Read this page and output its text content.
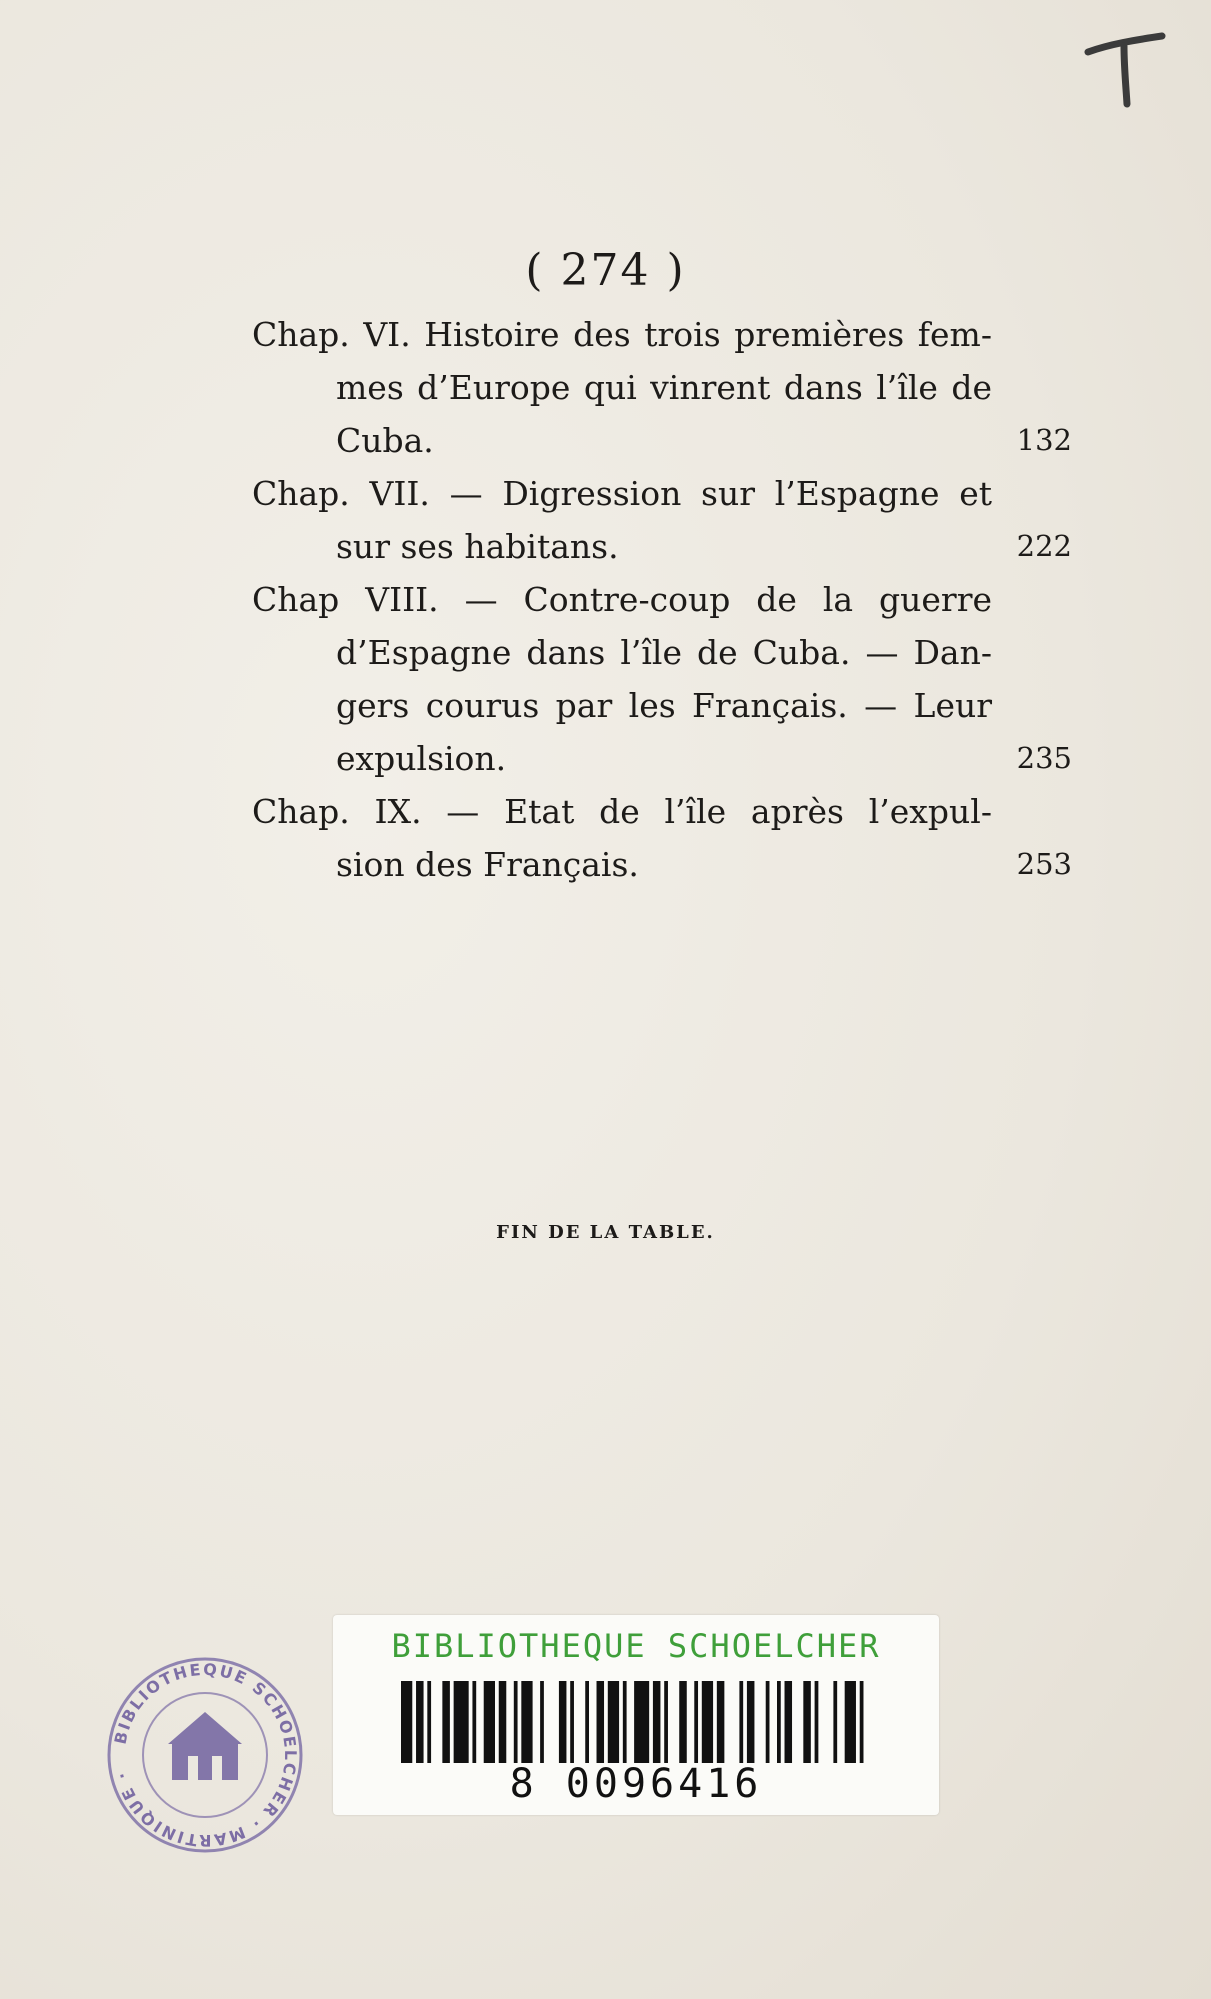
( 274 )
Chap. VI. Histoire des trois premières fem-
mes d’Europe qui vinrent dans l’île de
Cuba.	132
Chap. VII. — Digression sur l’Espagne et
sur ses habitans.	222
Chap VIII. — Contre-coup de la guerre
d’Espagne dans l’île de Cuba. — Dan-
gers courus par les Français. — Leur
expulsion.	235
Chap. IX. — Etat de l’île après l’expul-
sion des Français.	253
FIN DE LA TABLE.
BIBLIOTHEQUE SCHOELCHER · MARTINIQUE ·
BIBLIOTHEQUE SCHOELCHER
8 0096416
